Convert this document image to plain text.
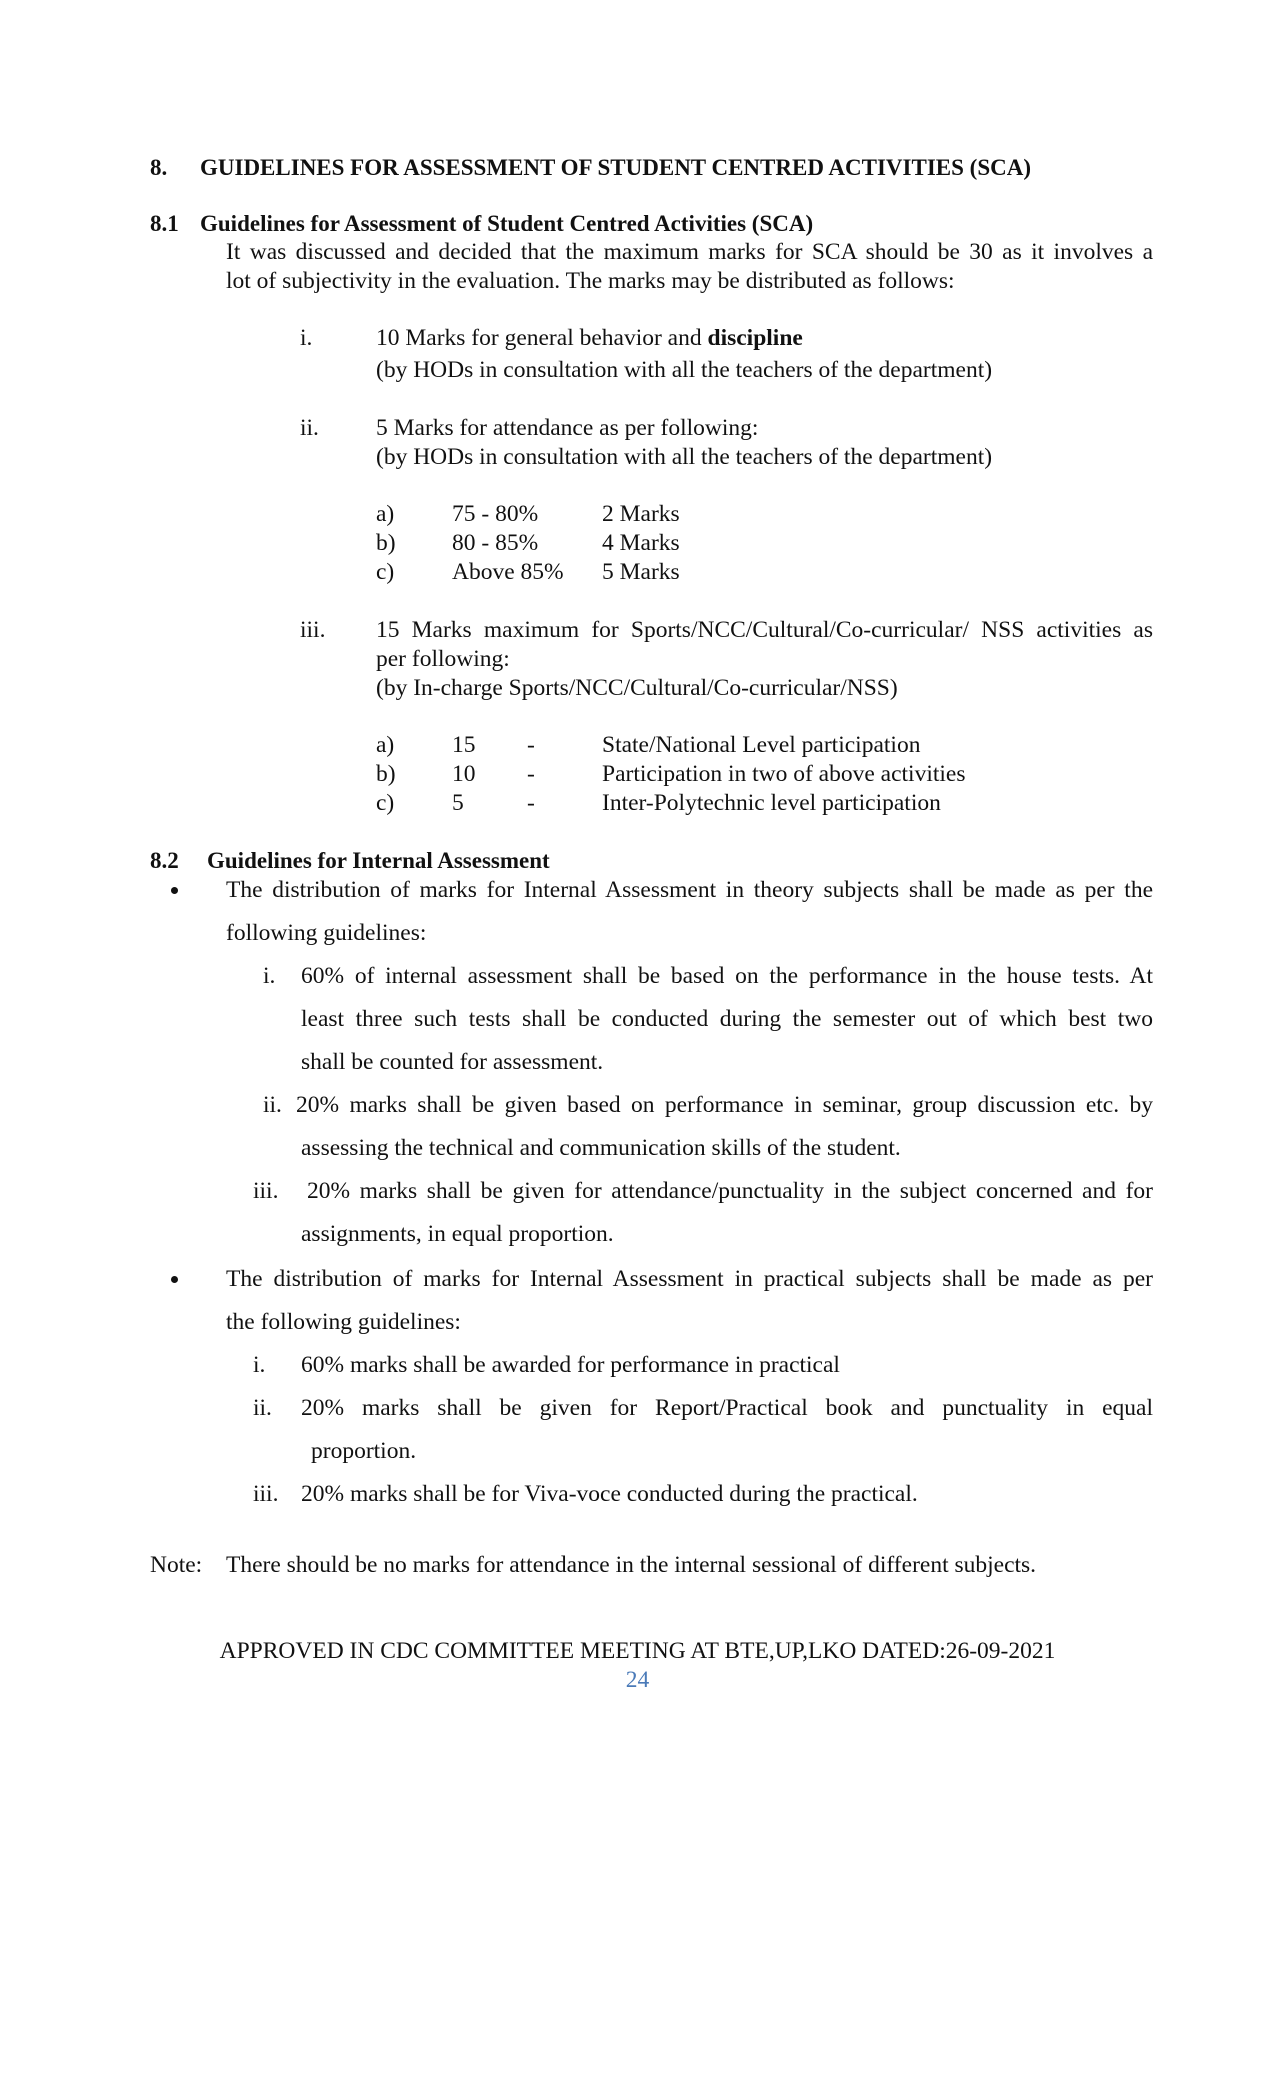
8. GUIDELINES FOR ASSESSMENT OF STUDENT CENTRED ACTIVITIES (SCA)
8.1 Guidelines for Assessment of Student Centred Activities (SCA)
It was discussed and decided that the maximum marks for SCA should be 30 as it involves a
lot of subjectivity in the evaluation. The marks may be distributed as follows:
i.	10 Marks for general behavior and discipline
(by HODs in consultation with all the teachers of the department)
ii. 5 Marks for attendance as per following:
(by HODs in consultation with all the teachers of the department)
a) 75 - 80%	2 Marks
b) 80 - 85%	4 Marks
c) Above 85% 5 Marks
iii. 15 Marks maximum for Sports/NCC/Cultural/Co-curricular/ NSS activities as
per following:
(by In-charge Sports/NCC/Cultural/Co-curricular/NSS)
a) 15 -	State/National Level participation
b) 10 -	Participation in two of above activities
c) 5	-	Inter-Polytechnic level participation
8.2 Guidelines for Internal Assessment
The distribution of marks for Internal Assessment in theory subjects shall be made as per the
following guidelines:
i. 60% of internal assessment shall be based on the performance in the house tests. At
least three such tests shall be conducted during the semester out of which best two
shall be counted for assessment.
ii. 20% marks shall be given based on performance in seminar, group discussion etc. by
assessing the technical and communication skills of the student.
iii. 20% marks shall be given for attendance/punctuality in the subject concerned and for
assignments, in equal proportion.
The distribution of marks for Internal Assessment in practical subjects shall be made as per
the following guidelines:
i. 60% marks shall be awarded for performance in practical
ii. 20% marks shall be given for Report/Practical book and punctuality in equal
proportion.
iii. 20% marks shall be for Viva-voce conducted during the practical.
Note: There should be no marks for attendance in the internal sessional of different subjects.
APPROVED IN CDC COMMITTEE MEETING AT BTE,UP,LKO DATED:26-09-2021
24
